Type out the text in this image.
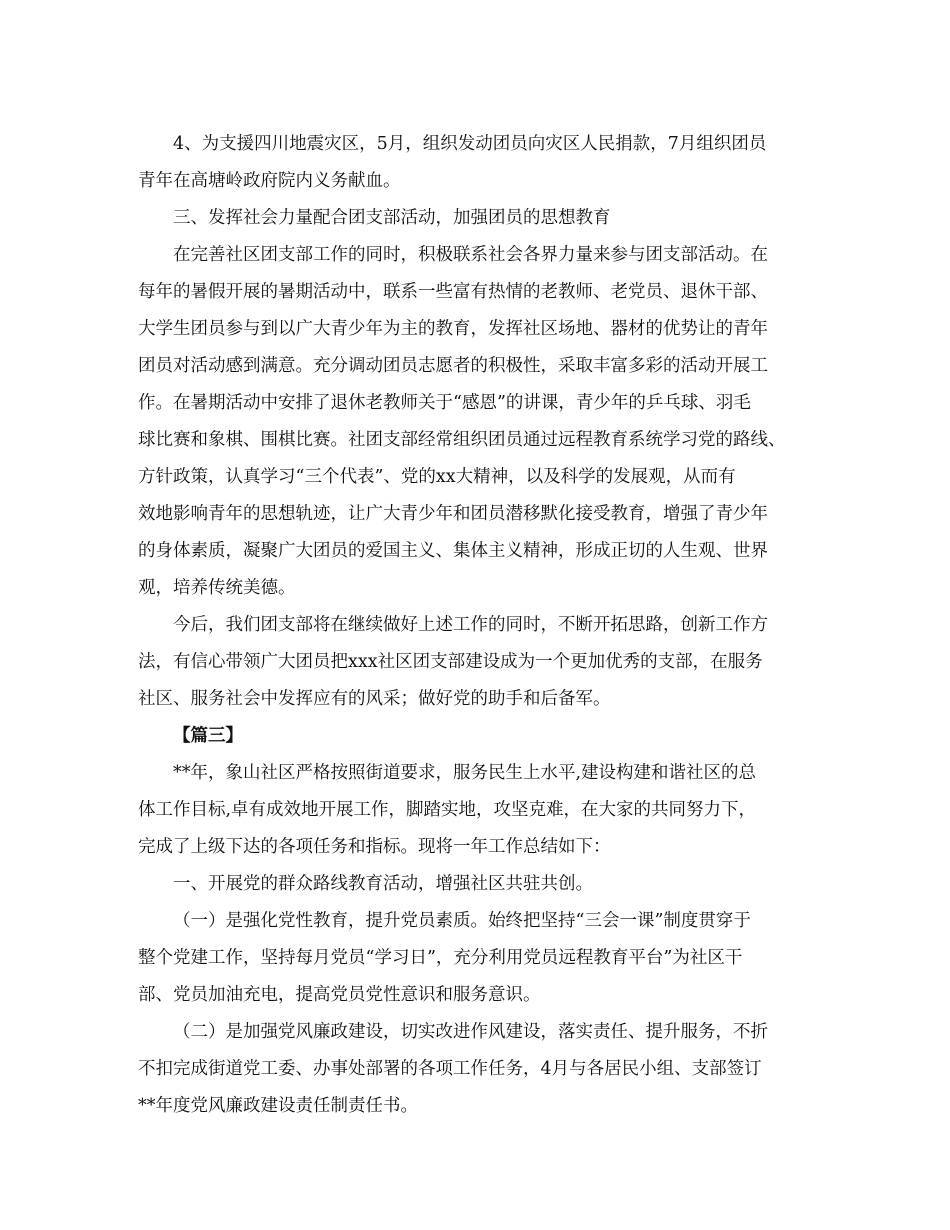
4、为支援四川地震灾区，5月，组织发动团员向灾区人民捐款，7月组织团员
青年在高塘岭政府院内义务献血。
三、发挥社会力量配合团支部活动，加强团员的思想教育
在完善社区团支部工作的同时，积极联系社会各界力量来参与团支部活动。在
每年的暑假开展的暑期活动中，联系一些富有热情的老教师、老党员、退休干部、
大学生团员参与到以广大青少年为主的教育，发挥社区场地、器材的优势让的青年
团员对活动感到满意。充分调动团员志愿者的积极性，采取丰富多彩的活动开展工
作。在暑期活动中安排了退休老教师关于“感恩”的讲课，青少年的乒乓球、羽毛
球比赛和象棋、围棋比赛。社团支部经常组织团员通过远程教育系统学习党的路线、
方针政策，认真学习“三个代表”、党的xx大精神，以及科学的发展观，从而有
效地影响青年的思想轨迹，让广大青少年和团员潜移默化接受教育，增强了青少年
的身体素质，凝聚广大团员的爱国主义、集体主义精神，形成正切的人生观、世界
观，培养传统美德。
今后，我们团支部将在继续做好上述工作的同时，不断开拓思路，创新工作方
法，有信心带领广大团员把xxx社区团支部建设成为一个更加优秀的支部，在服务
社区、服务社会中发挥应有的风采；做好党的助手和后备军。
【篇三】
**年，象山社区严格按照街道要求，服务民生上水平,建设构建和谐社区的总
体工作目标,卓有成效地开展工作，脚踏实地，攻坚克难，在大家的共同努力下，
完成了上级下达的各项任务和指标。现将一年工作总结如下：
一、开展党的群众路线教育活动，增强社区共驻共创。
（一）是强化党性教育，提升党员素质。始终把坚持“三会一课”制度贯穿于
整个党建工作，坚持每月党员“学习日”，充分利用党员远程教育平台”为社区干
部、党员加油充电，提高党员党性意识和服务意识。
（二）是加强党风廉政建设，切实改进作风建设，落实责任、提升服务，不折
不扣完成街道党工委、办事处部署的各项工作任务，4月与各居民小组、支部签订
**年度党风廉政建设责任制责任书。
